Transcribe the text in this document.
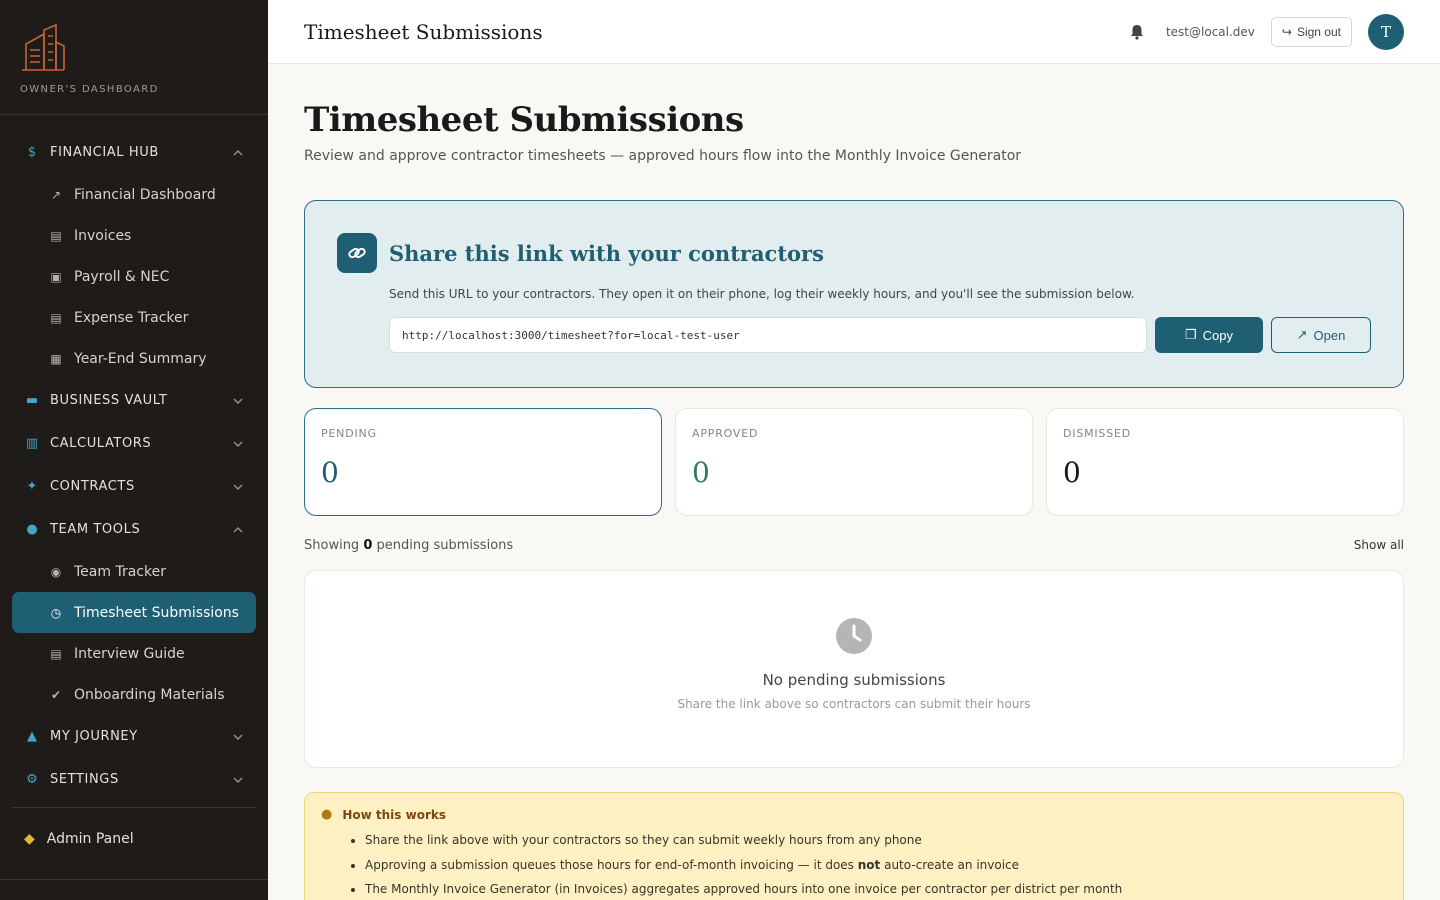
OWNER'S DASHBOARD
$ FINANCIAL HUB
↗ Financial Dashboard
▤ Invoices
▣ Payroll & NEC
▤ Expense Tracker
▦ Year-End Summary
▬ BUSINESS VAULT
▥ CALCULATORS
✦ CONTRACTS
● TEAM TOOLS
◉ Team Tracker
◷ Timesheet Submissions
▤ Interview Guide
✔ Onboarding Materials
▲ MY JOURNEY
⚙ SETTINGS
◆ Admin Panel
Timesheet Submissions	test@local.dev ↪ Sign out	T
Timesheet Submissions

Review and approve contractor timesheets — approved hours flow into the Monthly Invoice Generator

Share this link with your contractors

Send this URL to your contractors. They open it on their phone, log their weekly hours, and you'll see the submission below.

http://localhost:3000/timesheet?for=local-test-user
❐ Copy	↗ Open
PENDING
0
APPROVED
0
DISMISSED
0
Showing 0 pending submissions	Show all
No pending submissions
Share the link above so contractors can submit their hours
● How this works
• Share the link above with your contractors so they can submit weekly hours from any phone
• Approving a submission queues those hours for end-of-month invoicing — it does not auto-create an invoice
• The Monthly Invoice Generator (in Invoices) aggregates approved hours into one invoice per contractor per district per month
